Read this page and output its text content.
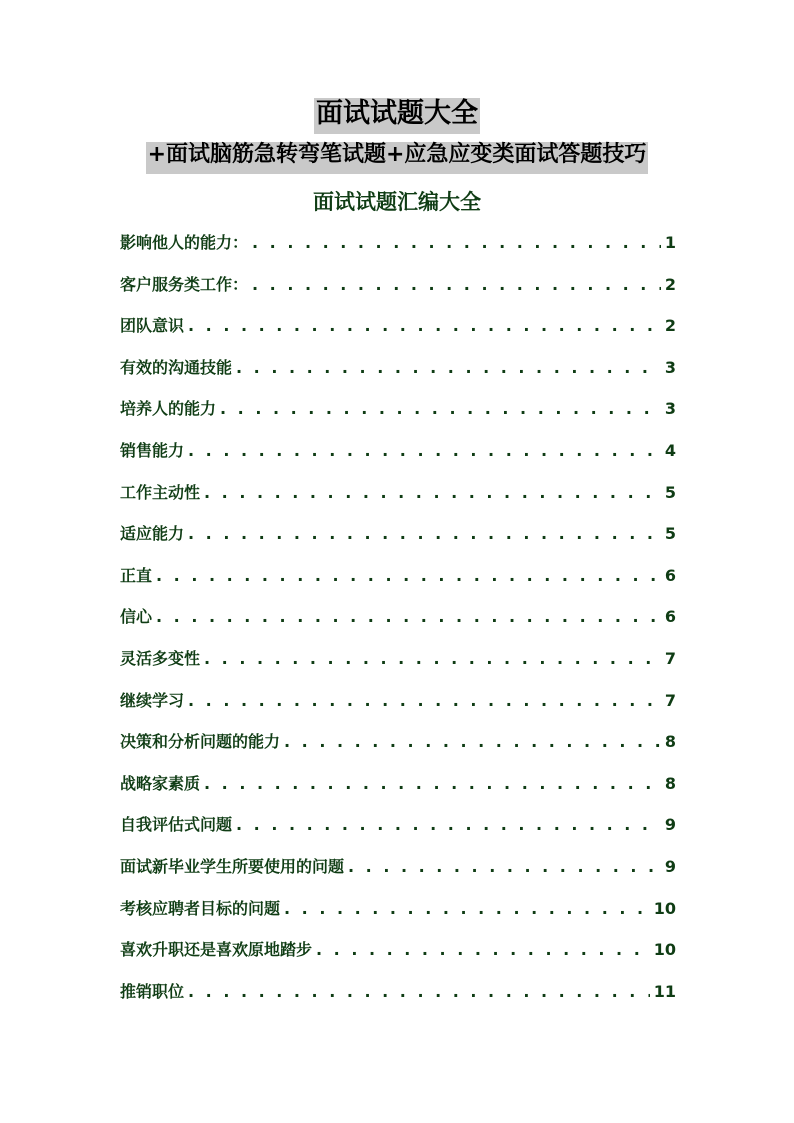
面试试题大全
+面试脑筋急转弯笔试题+应急应变类面试答题技巧
面试试题汇编大全
影响他人的能力： . . .	1
客户服务类工作： . . .	2
团队意识 . . .	2
有效的沟通技能 . . .	3
培养人的能力 . . .	3
销售能力 . . .	4
工作主动性 . . .	5
适应能力 . . .	5
正直 . . .	6
信心 . . .	6
灵活多变性 . . .	7
继续学习 . . .	7
决策和分析问题的能力 . . .	8
战略家素质 . . .	8
自我评估式问题 . . .	9
面试新毕业学生所要使用的问题 . . .	9
考核应聘者目标的问题 . . .	10
喜欢升职还是喜欢原地踏步 . . .	10
推销职位 . . .	11
